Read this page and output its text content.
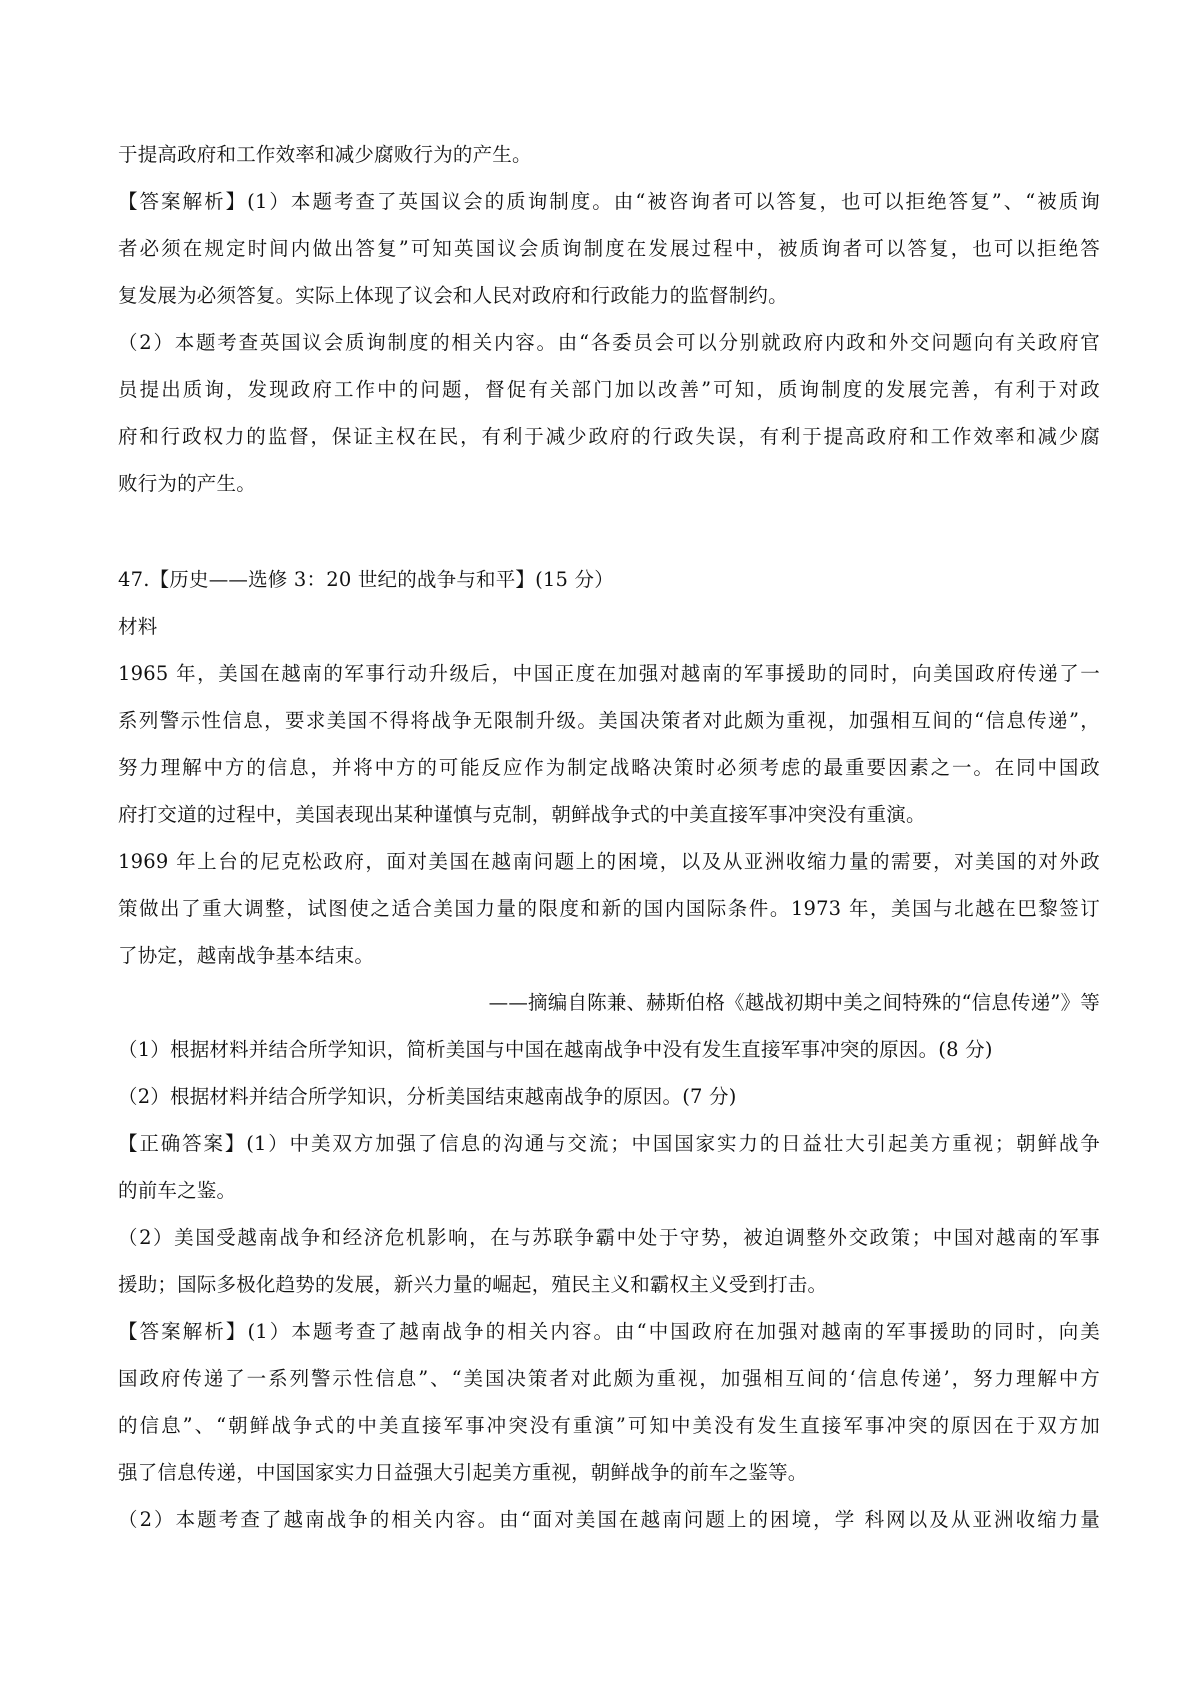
于提高政府和工作效率和减少腐败行为的产生。
【答案解析】(1）本题考查了英国议会的质询制度。由“被咨询者可以答复，也可以拒绝答复”、“被质询
者必须在规定时间内做出答复”可知英国议会质询制度在发展过程中，被质询者可以答复，也可以拒绝答
复发展为必须答复。实际上体现了议会和人民对政府和行政能力的监督制约。
（2）本题考查英国议会质询制度的相关内容。由“各委员会可以分别就政府内政和外交问题向有关政府官
员提出质询，发现政府工作中的问题，督促有关部门加以改善”可知，质询制度的发展完善，有利于对政
府和行政权力的监督，保证主权在民，有利于减少政府的行政失误，有利于提高政府和工作效率和减少腐
败行为的产生。
47.【历史——选修 3：20 世纪的战争与和平】(15 分）
材料
1965 年，美国在越南的军事行动升级后，中国正度在加强对越南的军事援助的同时，向美国政府传递了一
系列警示性信息，要求美国不得将战争无限制升级。美国决策者对此颇为重视，加强相互间的“信息传递”，
努力理解中方的信息，并将中方的可能反应作为制定战略决策时必须考虑的最重要因素之一。在同中国政
府打交道的过程中，美国表现出某种谨慎与克制，朝鲜战争式的中美直接军事冲突没有重演。
1969 年上台的尼克松政府，面对美国在越南问题上的困境，以及从亚洲收缩力量的需要，对美国的对外政
策做出了重大调整，试图使之适合美国力量的限度和新的国内国际条件。1973 年，美国与北越在巴黎签订
了协定，越南战争基本结束。
——摘编自陈兼、赫斯伯格《越战初期中美之间特殊的“信息传递”》等
（1）根据材料并结合所学知识，简析美国与中国在越南战争中没有发生直接军事冲突的原因。(8 分)
（2）根据材料并结合所学知识，分析美国结束越南战争的原因。(7 分)
【正确答案】(1）中美双方加强了信息的沟通与交流；中国国家实力的日益壮大引起美方重视；朝鲜战争
的前车之鉴。
（2）美国受越南战争和经济危机影响，在与苏联争霸中处于守势，被迫调整外交政策；中国对越南的军事
援助；国际多极化趋势的发展，新兴力量的崛起，殖民主义和霸权主义受到打击。
【答案解析】(1）本题考查了越南战争的相关内容。由“中国政府在加强对越南的军事援助的同时，向美
国政府传递了一系列警示性信息”、“美国决策者对此颇为重视，加强相互间的‘信息传递’，努力理解中方
的信息”、“朝鲜战争式的中美直接军事冲突没有重演”可知中美没有发生直接军事冲突的原因在于双方加
强了信息传递，中国国家实力日益强大引起美方重视，朝鲜战争的前车之鉴等。
（2）本题考查了越南战争的相关内容。由“面对美国在越南问题上的困境，学 科网以及从亚洲收缩力量
